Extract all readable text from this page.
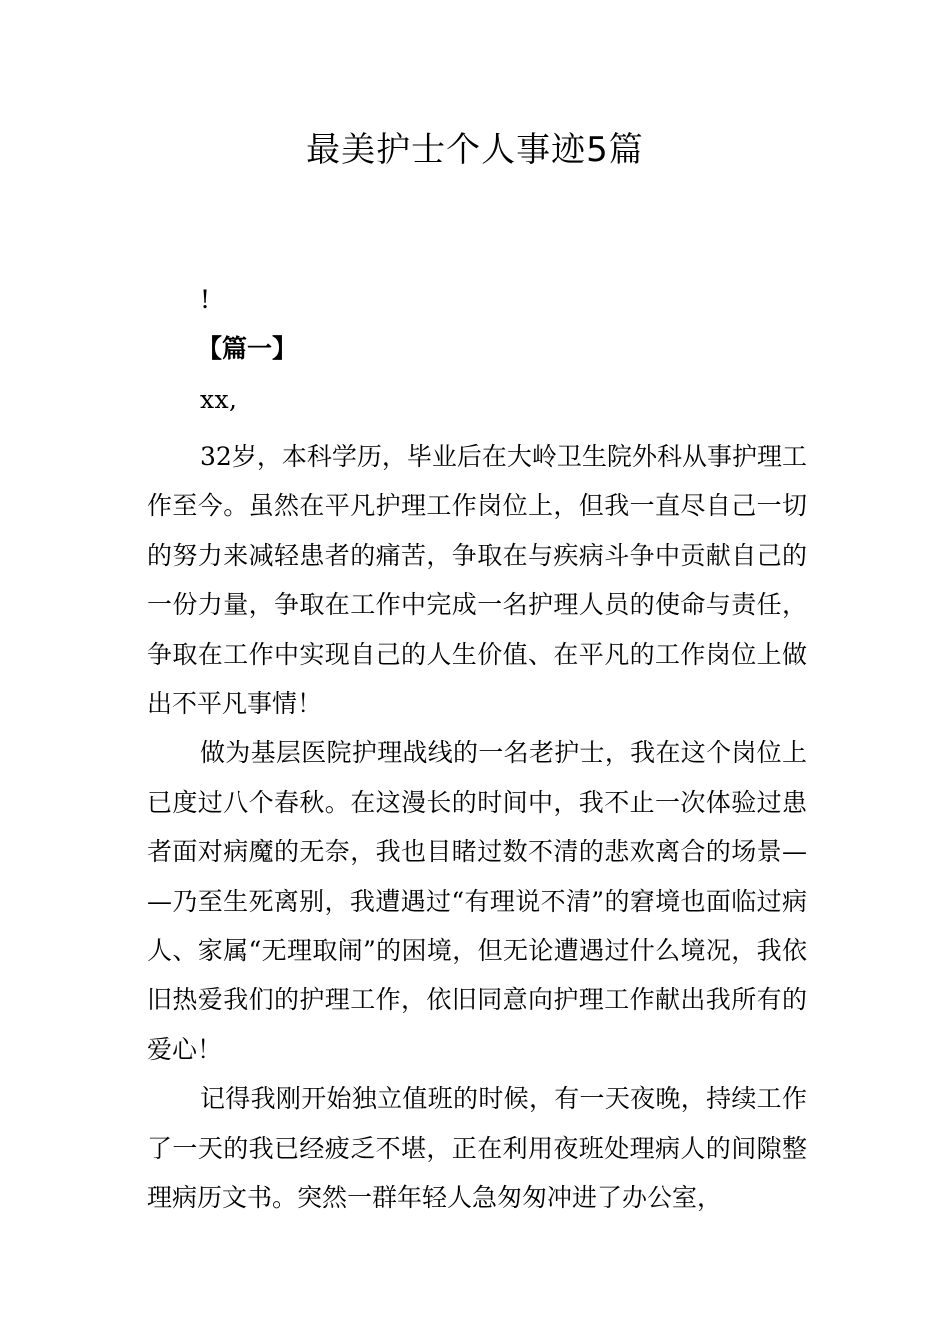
最美护士个人事迹5篇
!
【篇一】
xx,

32岁，本科学历，毕业后在大岭卫生院外科从事护理工作至今。虽然在平凡护理工作岗位上，但我一直尽自己一切的努力来减轻患者的痛苦，争取在与疾病斗争中贡献自己的一份力量，争取在工作中完成一名护理人员的使命与责任，争取在工作中实现自己的人生价值、在平凡的工作岗位上做出不平凡事情！

做为基层医院护理战线的一名老护士，我在这个岗位上已度过八个春秋。在这漫长的时间中，我不止一次体验过患者面对病魔的无奈，我也目睹过数不清的悲欢离合的场景——乃至生死离别，我遭遇过“有理说不清”的窘境也面临过病人、家属“无理取闹”的困境，但无论遭遇过什么境况，我依旧热爱我们的护理工作，依旧同意向护理工作献出我所有的爱心！

记得我刚开始独立值班的时候，有一天夜晚，持续工作了一天的我已经疲乏不堪，正在利用夜班处理病人的间隙整理病历文书。突然一群年轻人急匆匆冲进了办公室，
